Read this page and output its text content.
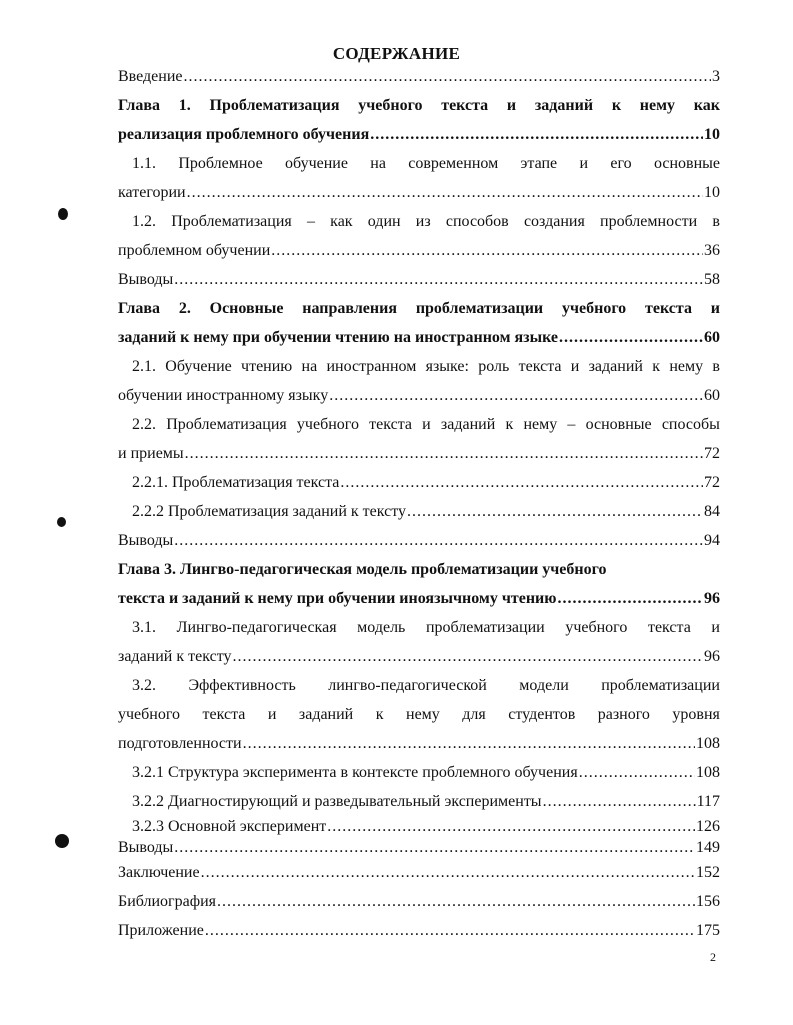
СОДЕРЖАНИЕ
Введение .....	3
Глава 1. Проблематизация учебного текста и заданий к нему как
реализация проблемного обучения .....	10
1.1. Проблемное обучение на современном этапе и его основные
категории .....	10
1.2. Проблематизация – как один из способов создания проблемности в
проблемном обучении .....	36
Выводы .....	58
Глава 2. Основные направления проблематизации учебного текста и
заданий к нему при обучении чтению на иностранном языке .....	60
2.1. Обучение чтению на иностранном языке: роль текста и заданий к нему в
обучении иностранному языку .....	60
2.2. Проблематизация учебного текста и заданий к нему – основные способы
и приемы .....	72
2.2.1. Проблематизация текста .....	72
2.2.2 Проблематизация заданий к тексту .....	84
Выводы .....	94
Глава 3. Лингво-педагогическая модель проблематизации учебного
текста и заданий к нему при обучении иноязычному чтению .....	96
3.1. Лингво-педагогическая модель проблематизации учебного текста и
заданий к тексту .....	96
3.2. Эффективность лингво-педагогической модели проблематизации
учебного текста и заданий к нему для студентов разного уровня
подготовленности .....	108
3.2.1 Структура эксперимента в контексте проблемного обучения .....	108
3.2.2 Диагностирующий и разведывательный эксперименты .....	117
3.2.3 Основной эксперимент .....	126
Выводы .....	149
Заключение .....	152
Библиография .....	156
Приложение .....	175
2
